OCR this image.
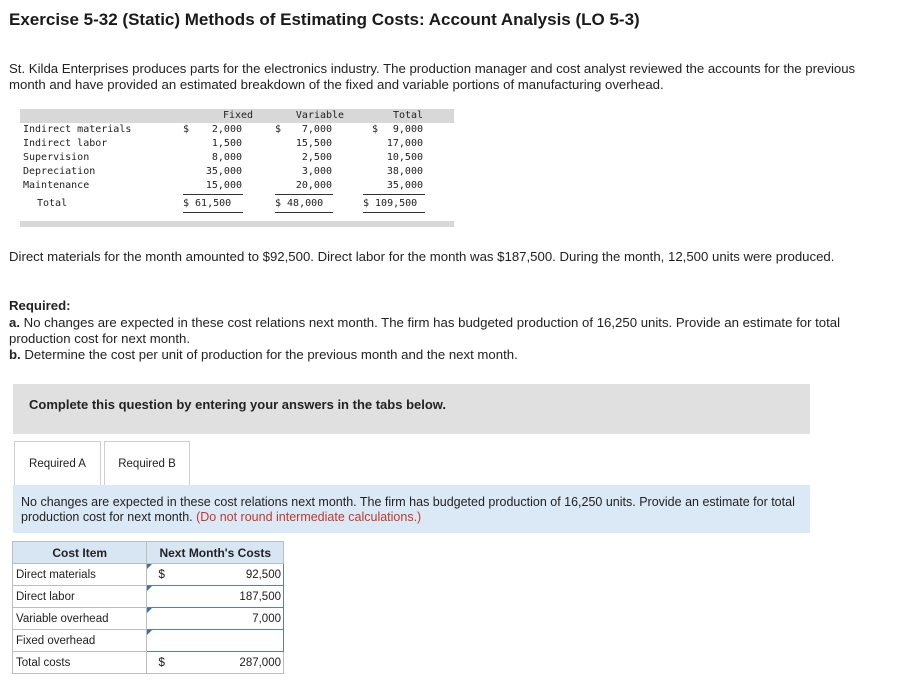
Exercise 5-32 (Static) Methods of Estimating Costs: Account Analysis (LO 5-3)
St. Kilda Enterprises produces parts for the electronics industry. The production manager and cost analyst reviewed the accounts for the previous month and have provided an estimated breakdown of the fixed and variable portions of manufacturing overhead.
Fixed	Variable	Total
Indirect materials	$	2,000	$	7,000	$	9,000
Indirect labor	1,500	15,500	17,000
Supervision	8,000	2,500	10,500
Depreciation	35,000	3,000	38,000
Maintenance	15,000	20,000	35,000
Total	$ 61,500	$ 48,000	$ 109,500
Direct materials for the month amounted to $92,500. Direct labor for the month was $187,500. During the month, 12,500 units were produced.
Required:
a. No changes are expected in these cost relations next month. The firm has budgeted production of 16,250 units. Provide an estimate for total production cost for next month.
b. Determine the cost per unit of production for the previous month and the next month.
Complete this question by entering your answers in the tabs below.
Required A	Required B
No changes are expected in these cost relations next month. The firm has budgeted production of 16,250 units. Provide an estimate for total production cost for next month. (Do not round intermediate calculations.)
Cost Item	Next Month's Costs	
Direct materials	$	92,500
Direct labor		187,500
Variable overhead		7,000
Fixed overhead	

Total costs	$	287,000
